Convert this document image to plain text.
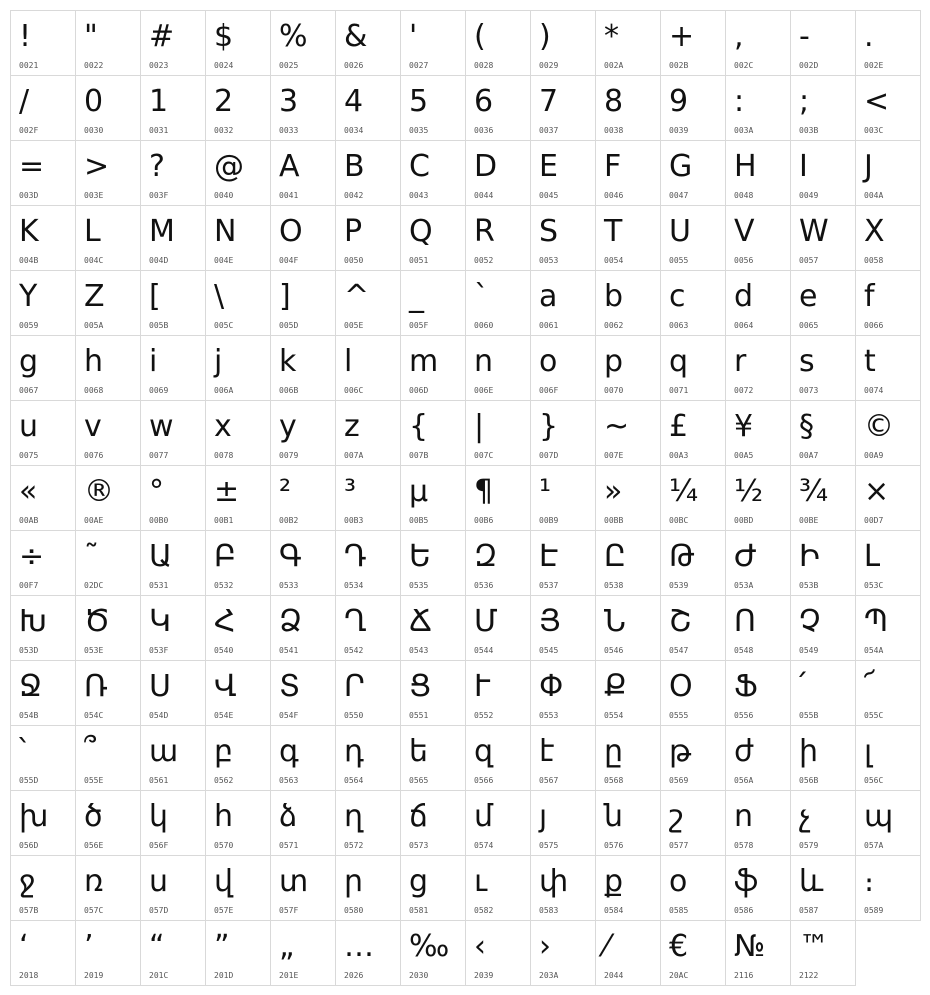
!
0021
"
0022
#
0023
$
0024
%
0025
&
0026
'
0027
(
0028
)
0029
*
002A
+
002B
,
002C
-
002D
.
002E
/
002F
0
0030
1
0031
2
0032
3
0033
4
0034
5
0035
6
0036
7
0037
8
0038
9
0039
:
003A
;
003B
<
003C
=
003D
>
003E
?
003F
@
0040
A
0041
B
0042
C
0043
D
0044
E
0045
F
0046
G
0047
H
0048
I
0049
J
004A
K
004B
L
004C
M
004D
N
004E
O
004F
P
0050
Q
0051
R
0052
S
0053
T
0054
U
0055
V
0056
W
0057
X
0058
Y
0059
Z
005A
[
005B
\
005C
]
005D
^
005E
_
005F
`
0060
a
0061
b
0062
c
0063
d
0064
e
0065
f
0066
g
0067
h
0068
i
0069
j
006A
k
006B
l
006C
m
006D
n
006E
o
006F
p
0070
q
0071
r
0072
s
0073
t
0074
u
0075
v
0076
w
0077
x
0078
y
0079
z
007A
{
007B
|
007C
}
007D
~
007E
£
00A3
¥
00A5
§
00A7
©
00A9
«
00AB
®
00AE
°
00B0
±
00B1
²
00B2
³
00B3
µ
00B5
¶
00B6
¹
00B9
»
00BB
¼
00BC
½
00BD
¾
00BE
×
00D7
÷
00F7
˜
02DC
Ա
0531
Բ
0532
Գ
0533
Դ
0534
Ե
0535
Զ
0536
Է
0537
Ը
0538
Թ
0539
Ժ
053A
Ի
053B
Լ
053C
Խ
053D
Ծ
053E
Կ
053F
Հ
0540
Ձ
0541
Ղ
0542
Ճ
0543
Մ
0544
Յ
0545
Ն
0546
Շ
0547
Ո
0548
Չ
0549
Պ
054A
Ջ
054B
Ռ
054C
Ս
054D
Վ
054E
Տ
054F
Ր
0550
Ց
0551
Ւ
0552
Փ
0553
Ք
0554
Օ
0555
Ֆ
0556
՛
055B
՜
055C
՝
055D
՞
055E
ա
0561
բ
0562
գ
0563
դ
0564
ե
0565
զ
0566
է
0567
ը
0568
թ
0569
ժ
056A
ի
056B
լ
056C
խ
056D
ծ
056E
կ
056F
հ
0570
ձ
0571
ղ
0572
ճ
0573
մ
0574
յ
0575
ն
0576
շ
0577
ո
0578
չ
0579
պ
057A
ջ
057B
ռ
057C
ս
057D
վ
057E
տ
057F
ր
0580
ց
0581
ւ
0582
փ
0583
ք
0584
օ
0585
ֆ
0586
և
0587
։
0589
‘
2018
’
2019
“
201C
”
201D
„
201E
…
2026
‰
2030
‹
2039
›
203A
⁄
2044
€
20AC
№
2116
™
2122
